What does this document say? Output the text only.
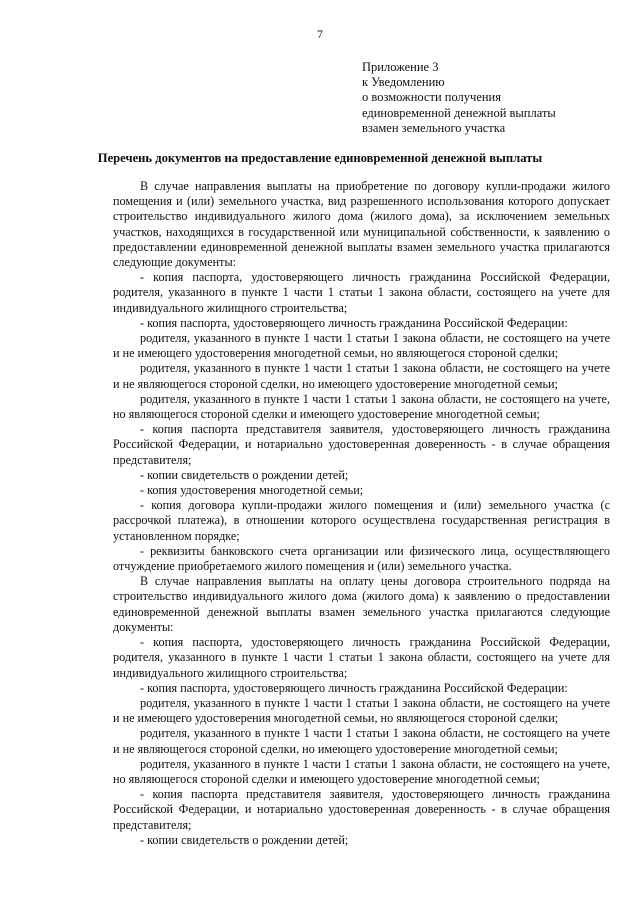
7
Приложение 3
к Уведомлению
о возможности получения
единовременной денежной выплаты
взамен земельного участка
Перечень документов на предоставление единовременной денежной выплаты

В случае направления выплаты на приобретение по договору купли-продажи жилого помещения и (или) земельного участка, вид разрешенного использования которого допускает строительство индивидуального жилого дома (жилого дома), за исключением земельных участков, находящихся в государственной или муниципальной собственности, к заявлению о предоставлении единовременной денежной выплаты взамен земельного участка прилагаются следующие документы:

- копия паспорта, удостоверяющего личность гражданина Российской Федерации, родителя, указанного в пункте 1 части 1 статьи 1 закона области, состоящего на учете для индивидуального жилищного строительства;

- копия паспорта, удостоверяющего личность гражданина Российской Федерации:

родителя, указанного в пункте 1 части 1 статьи 1 закона области, не состоящего на учете и не имеющего удостоверения многодетной семьи, но являющегося стороной сделки;

родителя, указанного в пункте 1 части 1 статьи 1 закона области, не состоящего на учете и не являющегося стороной сделки, но имеющего удостоверение многодетной семьи;

родителя, указанного в пункте 1 части 1 статьи 1 закона области, не состоящего на учете, но являющегося стороной сделки и имеющего удостоверение многодетной семьи;

- копия паспорта представителя заявителя, удостоверяющего личность гражданина Российской Федерации, и нотариально удостоверенная доверенность - в случае обращения представителя;

- копии свидетельств о рождении детей;

- копия удостоверения многодетной семьи;

- копия договора купли-продажи жилого помещения и (или) земельного участка (с рассрочкой платежа), в отношении которого осуществлена государственная регистрация в установленном порядке;

- реквизиты банковского счета организации или физического лица, осуществляющего отчуждение приобретаемого жилого помещения и (или) земельного участка.

В случае направления выплаты на оплату цены договора строительного подряда на строительство индивидуального жилого дома (жилого дома) к заявлению о предоставлении единовременной денежной выплаты взамен земельного участка прилагаются следующие документы:

- копия паспорта, удостоверяющего личность гражданина Российской Федерации, родителя, указанного в пункте 1 части 1 статьи 1 закона области, состоящего на учете для индивидуального жилищного строительства;

- копия паспорта, удостоверяющего личность гражданина Российской Федерации:

родителя, указанного в пункте 1 части 1 статьи 1 закона области, не состоящего на учете и не имеющего удостоверения многодетной семьи, но являющегося стороной сделки;

родителя, указанного в пункте 1 части 1 статьи 1 закона области, не состоящего на учете и не являющегося стороной сделки, но имеющего удостоверение многодетной семьи;

родителя, указанного в пункте 1 части 1 статьи 1 закона области, не состоящего на учете, но являющегося стороной сделки и имеющего удостоверение многодетной семьи;

- копия паспорта представителя заявителя, удостоверяющего личность гражданина Российской Федерации, и нотариально удостоверенная доверенность - в случае обращения представителя;

- копии свидетельств о рождении детей;
